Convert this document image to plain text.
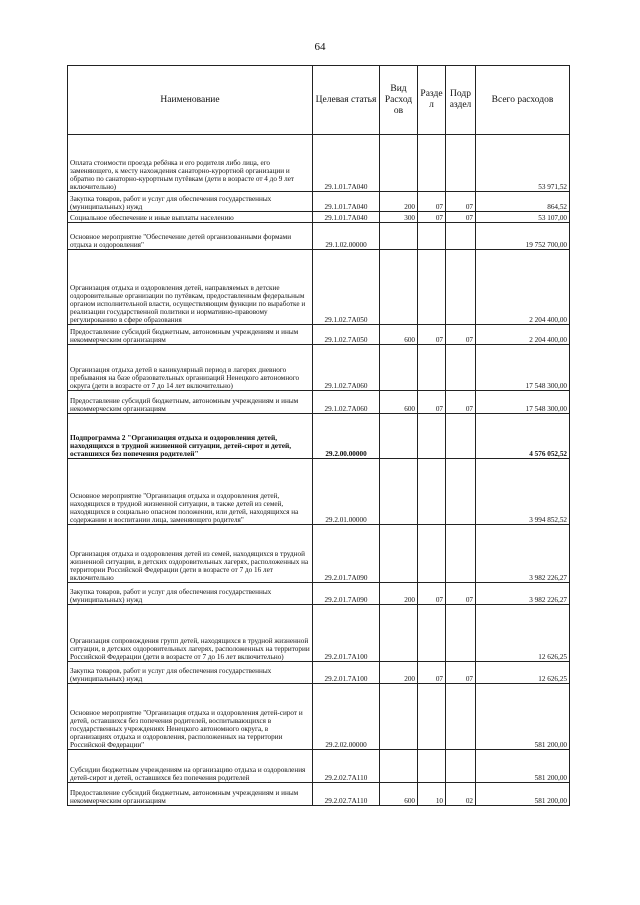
64
Наименование	Целевая статья	Вид Расход ов	Разде л	Подр аздел	Всего расходов
Оплата стоимости проезда ребёнка и его родителя либо лица, его заменяющего, к месту нахождения санаторно-курортной организации и обратно по санаторно-курортным путёвкам (дети в возрасте от 4 до 9 лет включительно)	29.1.01.7А040				53 971,52
Закупка товаров, работ и услуг для обеспечения государственных (муниципальных) нужд	29.1.01.7А040	200	07	07	864,52
Социальное обеспечение и иные выплаты населению	29.1.01.7А040	300	07	07	53 107,00
Основное мероприятие "Обеспечение детей организованными формами отдыха и оздоровления"	29.1.02.00000				19 752 700,00
Организация отдыха и оздоровления детей, направляемых в детские оздоровительные организации по путёвкам, предоставленным федеральным органом исполнительной власти, осуществляющим функции по выработке и реализации государственной политики и нормативно-правовому регулированию в сфере образования	29.1.02.7А050				2 204 400,00
Предоставление субсидий бюджетным, автономным учреждениям и иным некоммерческим организациям	29.1.02.7А050	600	07	07	2 204 400,00
Организация отдыха детей в каникулярный период в лагерях дневного пребывания на базе образовательных организаций Ненецкого автономного округа (дети в возрасте от 7 до 14 лет включительно)	29.1.02.7А060				17 548 300,00
Предоставление субсидий бюджетным, автономным учреждениям и иным некоммерческим организациям	29.1.02.7А060	600	07	07	17 548 300,00
Подпрограмма 2 "Организация отдыха и оздоровления детей, находящихся в трудной жизненной ситуации, детей-сирот и детей, оставшихся без попечения родителей"	29.2.00.00000				4 576 052,52
Основное мероприятие "Организация отдыха и оздоровления детей, находящихся в трудной жизненной ситуации, в также детей из семей, находящихся в социально опасном положении, или детей, находящихся на содержании и воспитании лица, заменяющего родителя"	29.2.01.00000				3 994 852,52
Организация отдыха и оздоровления детей из семей, находящихся в трудной жизненной ситуации, в детских оздоровительных лагерях, расположенных на территории Российской Федерации (дети в возрасте от 7 до 16 лет включительно	29.2.01.7А090				3 982 226,27
Закупка товаров, работ и услуг для обеспечения государственных (муниципальных) нужд	29.2.01.7А090	200	07	07	3 982 226,27
Организация сопровождения групп детей, находящихся в трудной жизненной ситуации, в детских оздоровительных лагерях, расположенных на территории Российской Федерации (дети в возрасте от 7 до 16 лет включительно)	29.2.01.7А100				12 626,25
Закупка товаров, работ и услуг для обеспечения государственных (муниципальных) нужд	29.2.01.7А100	200	07	07	12 626,25
Основное мероприятие "Организация отдыха и оздоровления детей-сирот и детей, оставшихся без попечения родителей, воспитывающихся в государственных учреждениях Ненецкого автономного округа, в организациях отдыха и оздоровления, расположенных на территории Российской Федерации"	29.2.02.00000				581 200,00
Субсидии бюджетным учреждениям на организацию отдыха и оздоровления детей-сирот и детей, оставшихся без попечения родителей	29.2.02.7А110				581 200,00
Предоставление субсидий бюджетным, автономным учреждениям и иным некоммерческим организациям	29.2.02.7А110	600	10	02	581 200,00
